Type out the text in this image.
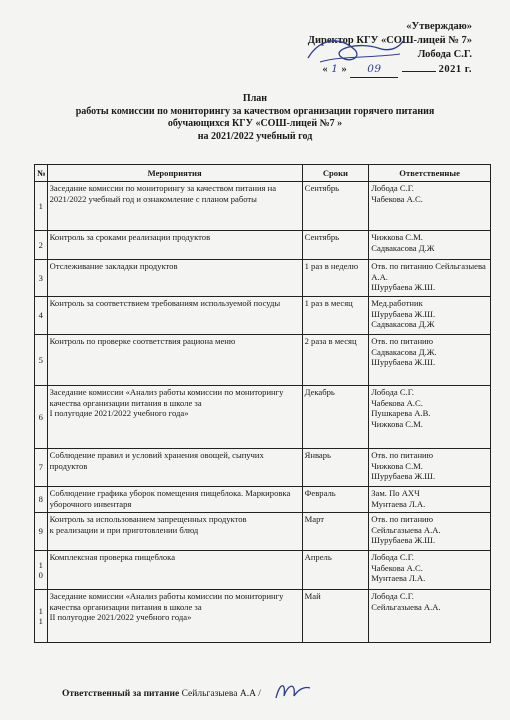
«Утверждаю»
Директор КГУ «СОШ-лицей № 7»
Лобода С.Г.
« 1 » 09	2021 г.
План
работы комиссии по мониторингу за качеством организации горячего питания
обучающихся КГУ «СОШ-лицей №7 »
на 2021/2022 учебный год
№	Мероприятия	Сроки	Ответственные
1	Заседание комиссии по мониторингу за качеством питания на 2021/2022 учебный год и ознакомление с планом работы	Сентябрь	Лобода С.Г.
Чабекова А.С.
2	Контроль за сроками реализации продуктов	Сентябрь	Чижкова С.М.
Садвакасова Д.Ж
3	Отслеживание закладки продуктов	1 раз в неделю	Отв. по питанию Сейльгазыева А.А.
Шурубаева Ж.Ш.
4	Контроль за соответствием требованиям используемой посуды	1 раз в месяц	Мед.работник
Шурубаева Ж.Ш.
Садвакасова Д.Ж
5	Контроль по проверке соответствия рациона меню	2 раза в месяц	Отв. по питанию
Садвакасова Д.Ж.
Шурубаева Ж.Ш.
6	Заседание комиссии «Анализ работы комиссии по мониторингу качества организации питания в школе за
I полугодие 2021/2022 учебного года»	Декабрь	Лобода С.Г.
Чабекова А.С.
Пушкарева А.В.
Чижкова С.М.
7	Соблюдение правил и условий хранения овощей, сыпучих продуктов	Январь	Отв. по питанию
Чижкова С.М.
Шурубаева Ж.Ш.
8	Соблюдение графика уборок помещения пищеблока. Маркировка уборочного инвентаря	Февраль	Зам. По АХЧ
Мунтаева Л.А.
9	Контроль за использованием запрещенных продуктов
к реализации и при приготовлении блюд	Март	Отв. по питанию
Сейльгазыева А.А.
Шурубаева Ж.Ш.
10	Комплексная проверка пищеблока	Апрель	Лобода С.Г.
Чабекова А.С.
Мунтаева Л.А.
11	Заседание комиссии «Анализ работы комиссии по мониторингу качества организации питания в школе за
II полугодие 2021/2022 учебного года»	Май	Лобода С.Г.
Сейльгазыева А.А.
Ответственный за питание Сейльгазыева А.А /
